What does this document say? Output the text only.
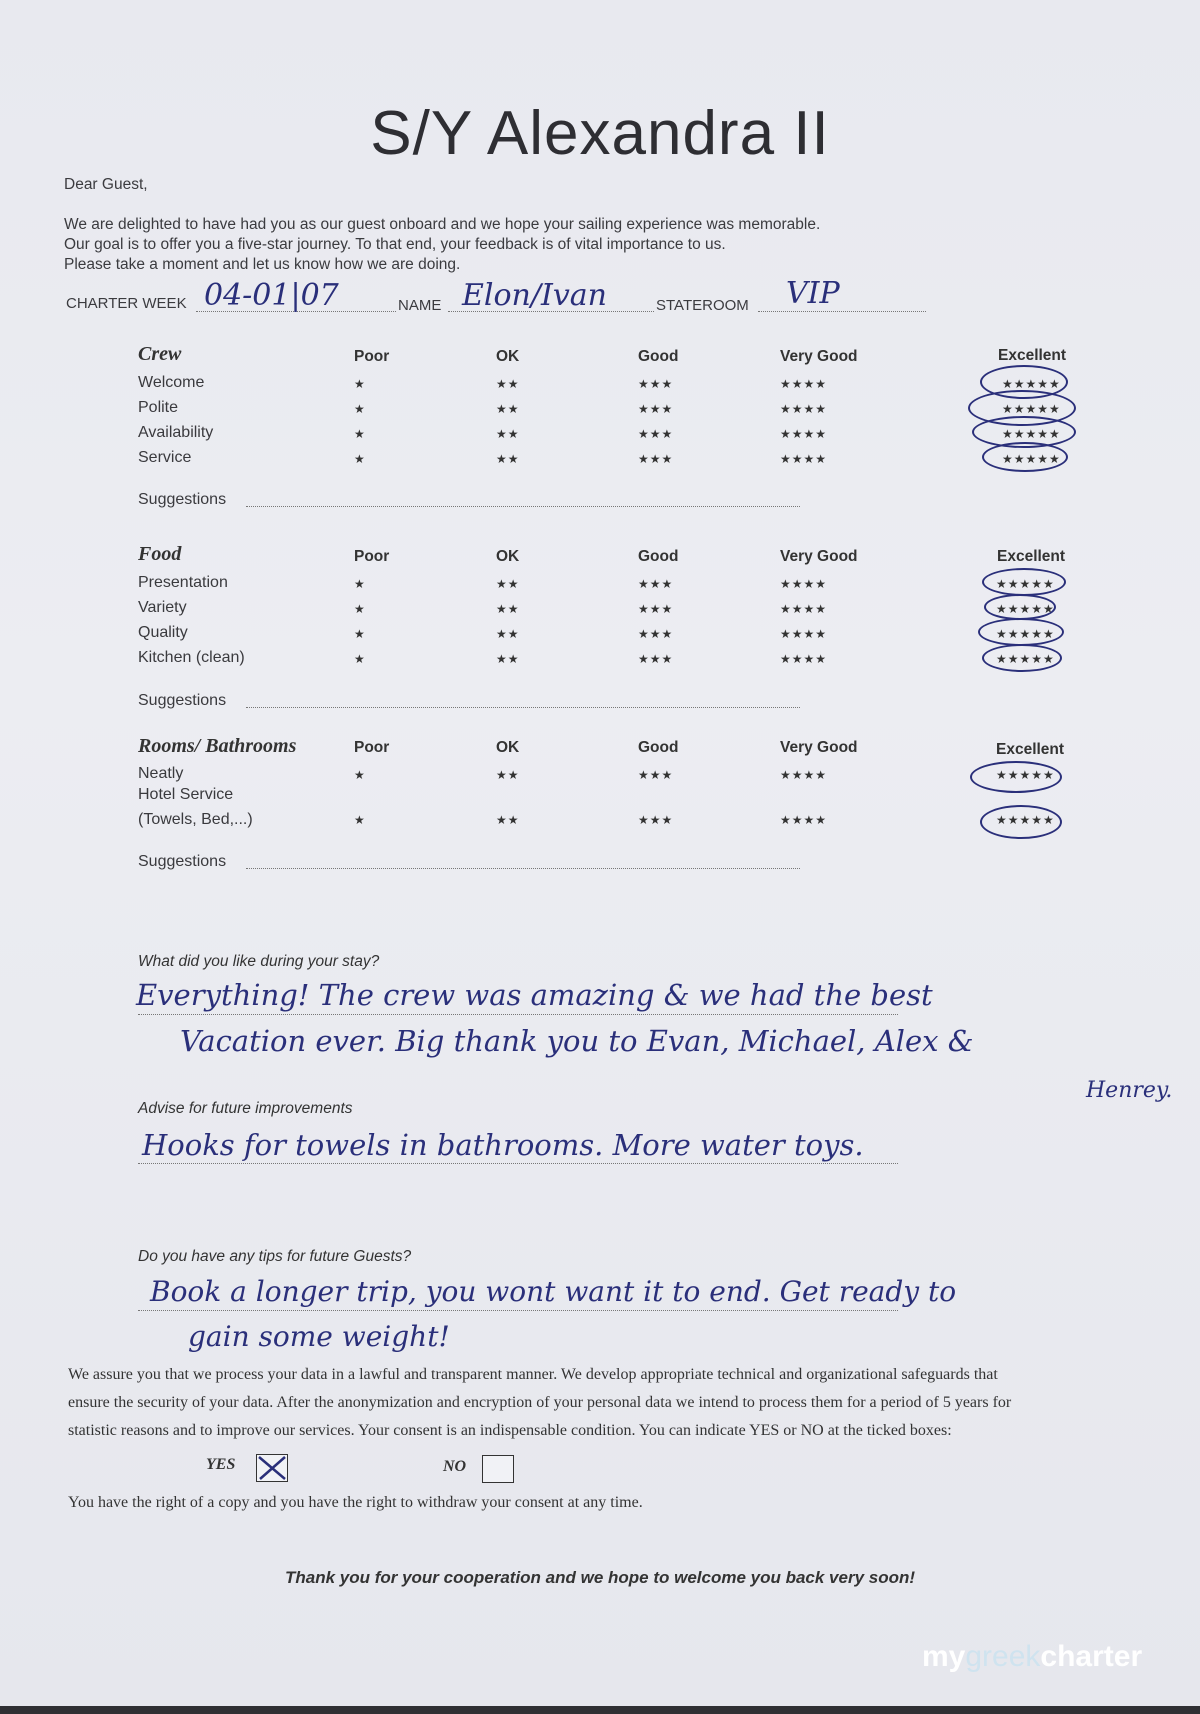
S/Y Alexandra II
Dear Guest,
We are delighted to have had you as our guest onboard and we hope your sailing experience was memorable.
Our goal is to offer you a five-star journey. To that end, your feedback is of vital importance to us.
Please take a moment and let us know how we are doing.
CHARTER WEEK 04-01|07	NAME Elon/Ivan	STATEROOM VIP
Crew	Poor	OK	Good	Very Good	Excellent
Welcome	★	★★	★★★	★★★★	★★★★★
Polite	★	★★	★★★	★★★★	★★★★★
Availability	★	★★	★★★	★★★★	★★★★★
Service	★	★★	★★★	★★★★	★★★★★
Suggestions
Food	Poor	OK	Good	Very Good	Excellent
Presentation	★	★★	★★★	★★★★	★★★★★
Variety	★	★★	★★★	★★★★	★★★★★
Quality	★	★★	★★★	★★★★	★★★★★
Kitchen (clean)	★	★★	★★★	★★★★	★★★★★
Suggestions
Rooms/ Bathrooms	Poor	OK	Good	Very Good	Excellent
Neatly	★	★★	★★★	★★★★	★★★★★
Hotel Service
(Towels, Bed,...)	★	★★	★★★	★★★★	★★★★★
Suggestions
What did you like during your stay?
Everything! The crew was amazing & we had the best
Vacation ever. Big thank you to Evan, Michael, Alex &
Henrey.
Advise for future improvements
Hooks for towels in bathrooms. More water toys.
Do you have any tips for future Guests?
Book a longer trip, you wont want it to end. Get ready to
gain some weight!
We assure you that we process your data in a lawful and transparent manner. We develop appropriate technical and organizational safeguards that
ensure the security of your data. After the anonymization and encryption of your personal data we intend to process them for a period of 5 years for
statistic reasons and to improve our services. Your consent is an indispensable condition. You can indicate YES or NO at the ticked boxes:
YES	NO
You have the right of a copy and you have the right to withdraw your consent at any time.
Thank you for your cooperation and we hope to welcome you back very soon!
mygreekcharter
